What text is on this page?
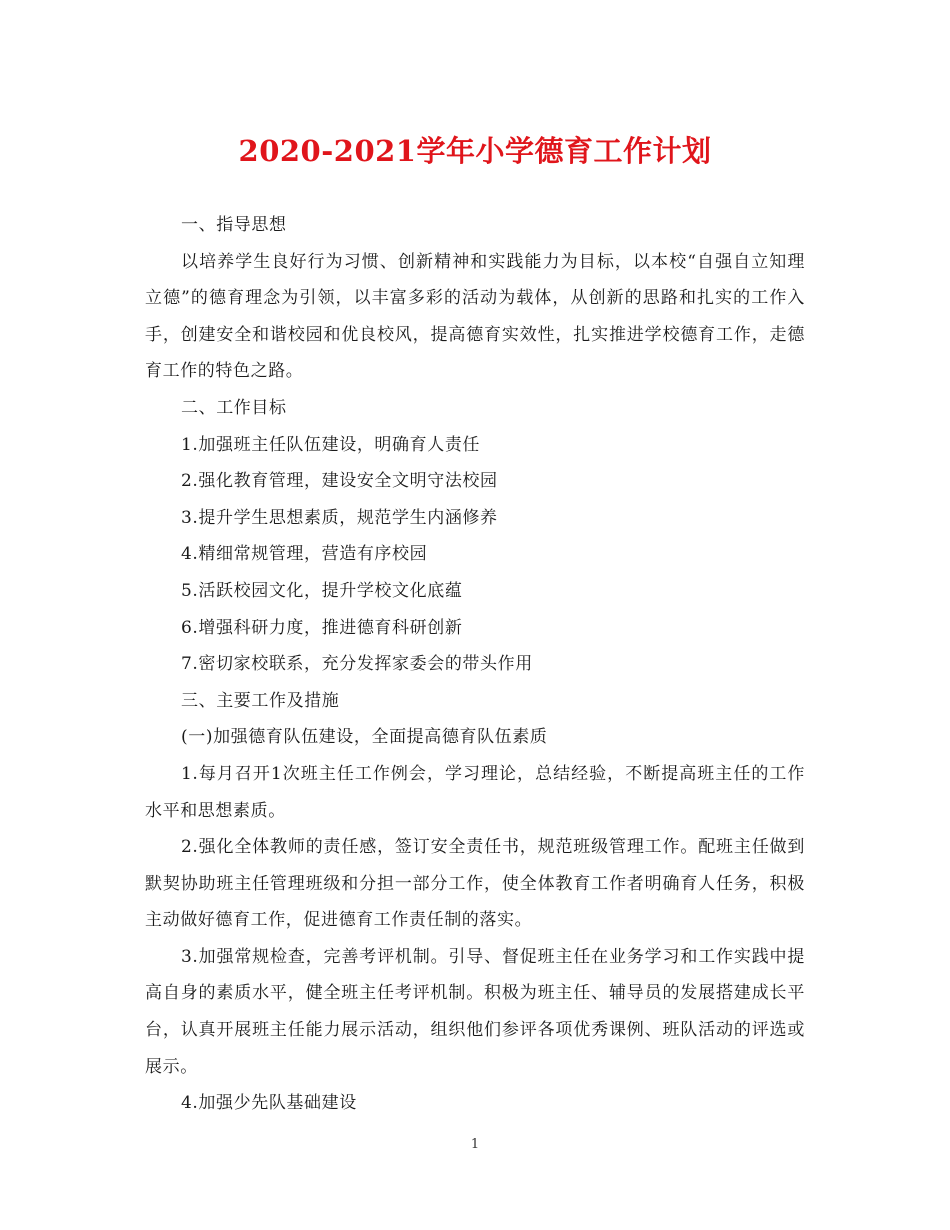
2020-2021学年小学德育工作计划

一、指导思想

以培养学生良好行为习惯、创新精神和实践能力为目标，以本校“自强自立知理立德”的德育理念为引领，以丰富多彩的活动为载体，从创新的思路和扎实的工作入手，创建安全和谐校园和优良校风，提高德育实效性，扎实推进学校德育工作，走德育工作的特色之路。

二、工作目标

1.加强班主任队伍建设，明确育人责任

2.强化教育管理，建设安全文明守法校园

3.提升学生思想素质，规范学生内涵修养

4.精细常规管理，营造有序校园

5.活跃校园文化，提升学校文化底蕴

6.增强科研力度，推进德育科研创新

7.密切家校联系，充分发挥家委会的带头作用

三、主要工作及措施

(一)加强德育队伍建设，全面提高德育队伍素质

1.每月召开1次班主任工作例会，学习理论，总结经验，不断提高班主任的工作水平和思想素质。

2.强化全体教师的责任感，签订安全责任书，规范班级管理工作。配班主任做到默契协助班主任管理班级和分担一部分工作，使全体教育工作者明确育人任务，积极主动做好德育工作，促进德育工作责任制的落实。

3.加强常规检查，完善考评机制。引导、督促班主任在业务学习和工作实践中提高自身的素质水平，健全班主任考评机制。积极为班主任、辅导员的发展搭建成长平台，认真开展班主任能力展示活动，组织他们参评各项优秀课例、班队活动的评选或展示。

4.加强少先队基础建设

1
